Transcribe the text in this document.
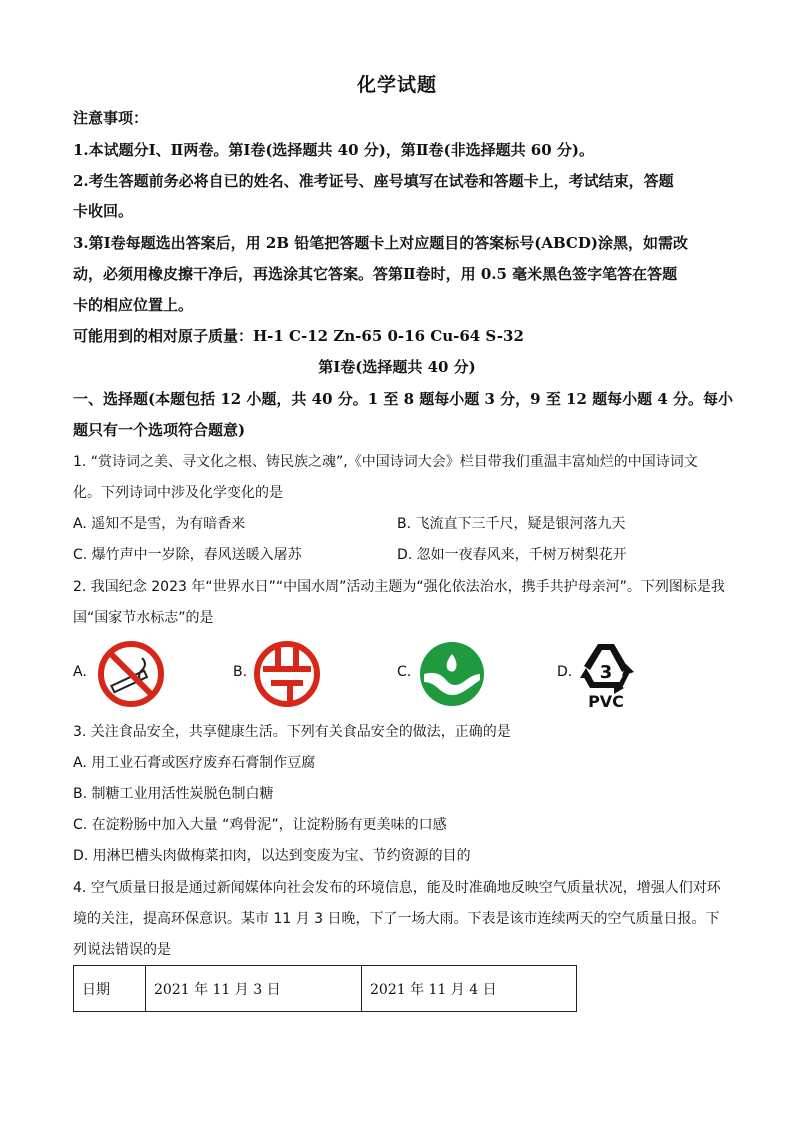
化学试题
注意事项：
1.本试题分Ⅰ、Ⅱ两卷。第Ⅰ卷(选择题共 40 分)，第Ⅱ卷(非选择题共 60 分)。
2.考生答题前务必将自已的姓名、准考证号、座号填写在试卷和答题卡上，考试结束，答题
卡收回。
3.第Ⅰ卷每题选出答案后，用 2B 铅笔把答题卡上对应题目的答案标号(ABCD)涂黑，如需改
动，必须用橡皮擦干净后，再选涂其它答案。答第Ⅱ卷时，用 0.5 毫米黑色签字笔答在答题
卡的相应位置上。
可能用到的相对原子质量：H-1 C-12 Zn-65 0-16 Cu-64 S-32
第Ⅰ卷(选择题共 40 分)
一、选择题(本题包括 12 小题，共 40 分。1 至 8 题每小题 3 分，9 至 12 题每小题 4 分。每小
题只有一个选项符合题意)
1. “赏诗词之美、寻文化之根、铸民族之魂”,《中国诗词大会》栏目带我们重温丰富灿烂的中国诗词文
化。下列诗词中涉及化学变化的是
A. 遥知不是雪，为有暗香来	B. 飞流直下三千尺，疑是银河落九天
C. 爆竹声中一岁除，春风送暖入屠苏	D. 忽如一夜春风来，千树万树梨花开
2. 我国纪念 2023 年“世界水日”“中国水周”活动主题为“强化依法治水，携手共护母亲河”。下列图标是我
国“国家节水标志”的是
A.	B.	C.	D. 3
PVC
3. 关注食品安全，共享健康生活。下列有关食品安全的做法，正确的是
A. 用工业石膏或医疗废弃石膏制作豆腐
B. 制糖工业用活性炭脱色制白糖
C. 在淀粉肠中加入大量 “鸡骨泥”，让淀粉肠有更美味的口感
D. 用淋巴槽头肉做梅菜扣肉，以达到变废为宝、节约资源的目的
4. 空气质量日报是通过新闻媒体向社会发布的环境信息，能及时准确地反映空气质量状况，增强人们对环
境的关注，提高环保意识。某市 11 月 3 日晚，下了一场大雨。下表是该市连续两天的空气质量日报。下
列说法错误的是
日期	2021 年 11 月 3 日	2021 年 11 月 4 日
